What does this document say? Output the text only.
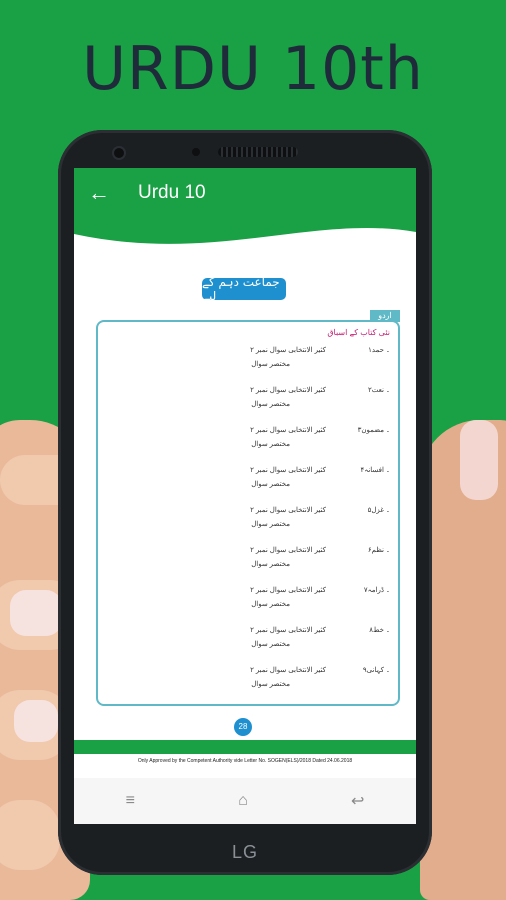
URDU 10th
←	Urdu 10
جماعت دہم کے لیے
اردو
نئی کتاب کے اسباق
۱۔ حمد
کثیر الانتخابی سوال نمبر ۲
مختصر سوال
۲۔ نعت
کثیر الانتخابی سوال نمبر ۲
مختصر سوال
۳۔ مضمون
کثیر الانتخابی سوال نمبر ۲
مختصر سوال
۴۔ افسانہ
کثیر الانتخابی سوال نمبر ۲
مختصر سوال
۵۔ غزل
کثیر الانتخابی سوال نمبر ۲
مختصر سوال
۶۔ نظم
کثیر الانتخابی سوال نمبر ۲
مختصر سوال
۷۔ ڈرامہ
کثیر الانتخابی سوال نمبر ۲
مختصر سوال
۸۔ خط
کثیر الانتخابی سوال نمبر ۲
مختصر سوال
۹۔ کہانی
کثیر الانتخابی سوال نمبر ۲
مختصر سوال
Only Approved by the Competent Authority vide Letter No. SOGEN(ELS)/2018 Dated 24.06.2018
28
≡	⌂	↩
LG
